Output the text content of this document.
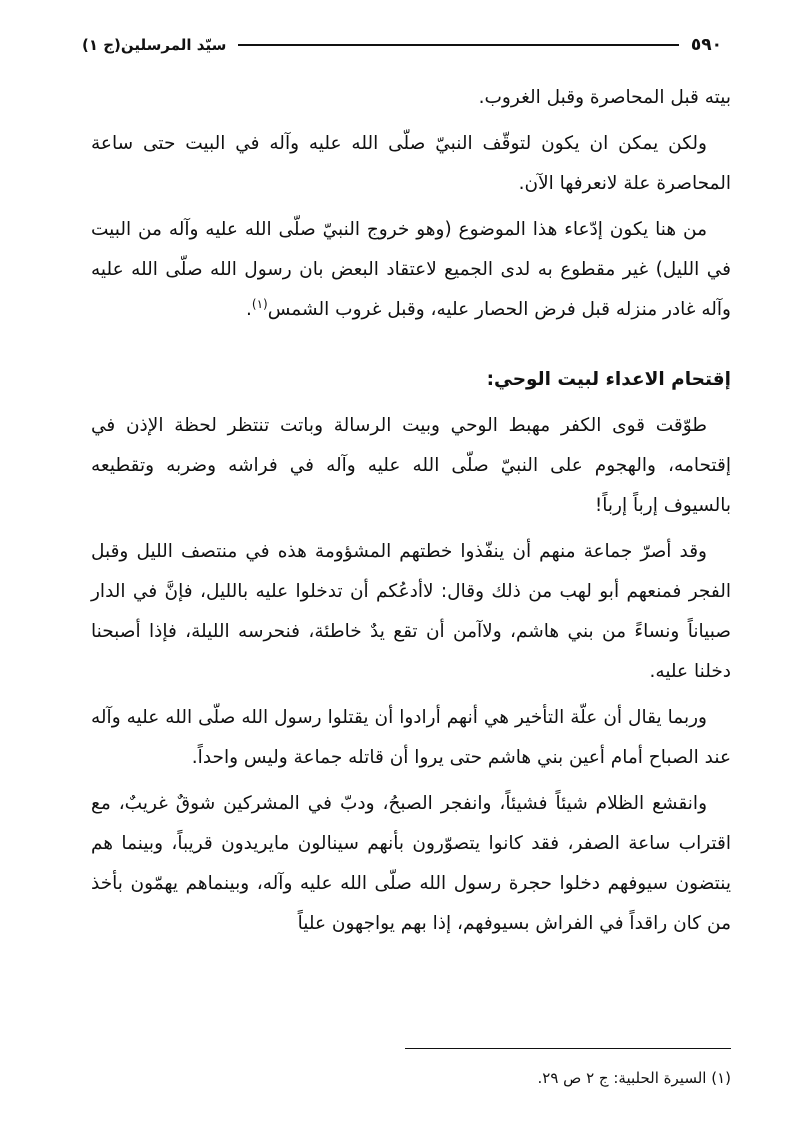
سيّد المرسلين(ج ١)	٥٩٠

بيته قبل المحاصرة وقبل الغروب.

ولكن يمكن ان يكون لتوقّف النبيّ صلّى الله عليه وآله في البيت حتى ساعة المحاصرة علة لانعرفها الآن.

من هنا يكون إدّعاء هذا الموضوع (وهو خروج النبيّ صلّى الله عليه وآله من البيت في الليل) غير مقطوع به لدى الجميع لاعتقاد البعض بان رسول الله صلّى الله عليه وآله غادر منزله قبل فرض الحصار عليه، وقبل غروب الشمس$^{(١)}$.

إقتحام الاعداء لبيت الوحي:

طوّقت قوى الكفر مهبط الوحي وبيت الرسالة وباتت تنتظر لحظة الإذن في إقتحامه، والهجوم على النبيّ صلّى الله عليه وآله في فراشه وضربه وتقطيعه بالسيوف إرباً إرباً!

وقد أصرّ جماعة منهم أن ينفّذوا خطتهم المشؤومة هذه في منتصف الليل وقبل الفجر فمنعهم أبو لهب من ذلك وقال: لاأدعُكم أن تدخلوا عليه بالليل، فإنَّ في الدار صبياناً ونساءً من بني هاشم، ولاآمن أن تقع يدٌ خاطئة، فنحرسه الليلة، فإذا أصبحنا دخلنا عليه.

وربما يقال أن علّة التأخير هي أنهم أرادوا أن يقتلوا رسول الله صلّى الله عليه وآله عند الصباح أمام أعين بني هاشم حتى يروا أن قاتله جماعة وليس واحداً.

وانقشع الظلام شيئاً فشيئاً، وانفجر الصبحُ، ودبّ في المشركين شوقٌ غريبٌ، مع اقتراب ساعة الصفر، فقد كانوا يتصوّرون بأنهم سينالون مايريدون قريباً، وبينما هم ينتضون سيوفهم دخلوا حجرة رسول الله صلّى الله عليه وآله، وبينماهم يهمّون بأخذ من كان راقداً في الفراش بسيوفهم، إذا بهم يواجهون علياً

(١) السيرة الحلبية: ج ٢ ص ٢٩.
